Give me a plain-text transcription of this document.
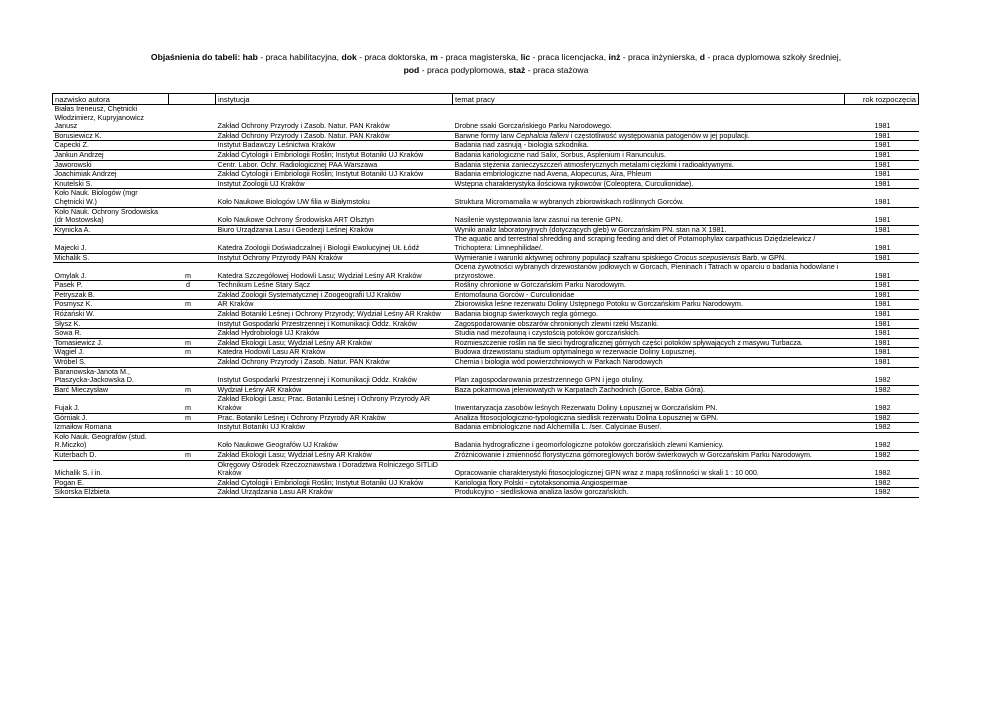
Objaśnienia do tabeli: hab - praca habilitacyjna, dok - praca doktorska, m - praca magisterska, lic - praca licencjacka, inż - praca inżynierska, d - praca dyplomowa szkoły średniej,
pod - praca podyplomowa, staż - praca stażowa
nazwisko autora		instytucja	temat pracy	rok rozpoczęcia
Białas Ireneusz, Chętnicki Włodzimierz, Kupryjanowicz Janusz		Zakład Ochrony Przyrody i Zasob. Natur. PAN Kraków	Drobne ssaki Gorczańskiego Parku Narodowego.	1981
Borusiewicz K.		Zakład Ochrony Przyrody i Zasob. Natur. PAN Kraków	Barwne formy larw Cephalcia falleni i częstotliwość występowania patogenów w jej populacji.	1981
Capecki Z.		Instytut Badawczy Leśnictwa Kraków	Badania nad zasnują - biologia szkodnika.	1981
Jankun Andrzej		Zakład Cytologii i Embriologii Roślin; Instytut Botaniki UJ Kraków	Badania kariologiczne nad Salix, Sorbus, Asplenium i Ranunculus.	1981
Jaworowski		Centr. Labor. Ochr. Radiologicznej PAA Warszawa	Badania stężenia zanieczyszczeń atmosferycznych metalami ciężkimi i radioaktywnymi.	1981
Joachimiak Andrzej		Zakład Cytologii i Embriologii Roślin; Instytut Botaniki UJ Kraków	Badania embriologiczne nad Avena, Alopecurus, Aira, Phleum	1981
Knutelski S.		Instytut Zoologii UJ Kraków	Wstępna charakterystyka ilościowa ryjkowców (Coleoptera, Curculionidae).	1981
Koło Nauk. Biologów (mgr Chętnicki W.)		Koło Naukowe Biologów UW filia w Białymstoku	Struktura Micromamalia w wybranych zbiorowiskach roślinnych Gorców.	1981
Koło Nauk. Ochrony Środowiska (dr Mostowska)		Koło Naukowe Ochrony Środowiska ART Olsztyn	Nasilenie występowania larw zasnui na terenie GPN.	1981
Krynicka A.		Biuro Urządzania Lasu i Geodezji Leśnej Kraków	Wyniki analiz laboratoryjnych (dotyczących gleb) w Gorczańskim PN. stan na X 1981.	1981
Majecki J.		Katedra Zoologii Doświadczalnej i Biologii Ewolucyjnej UŁ Łódź	The aquatic and terrestrial shredding and scraping feeding and diet of Potamophylax carpathicus Dziędzielewicz / Trichoptera: Limnephilidae/.	1981
Michalik S.		Instytut Ochrony Przyrody PAN Kraków	Wymieranie i warunki aktywnej ochrony populacji szafranu spiskiego Crocus scepusiensis Barb. w GPN.	1981
Omylak J.	m	Katedra Szczegółowej Hodowli Lasu; Wydział Leśny AR Kraków	Ocena żywotności wybranych drzewostanów jodłowych w Gorcach, Pieninach i Tatrach w oparciu o badania hodowlane i przyrostowe.	1981
Pasek P.	d	Technikum Leśne Stary Sącz	Rośliny chronione w Gorczańskim Parku Narodowym.	1981
Petryszak B.		Zakład Zoologii Systematycznej i Zoogeografii UJ Kraków	Entomofauna Gorców - Curculionidae	1981
Posmysz K.	m	AR Kraków	Zbiorowiska leśne rezerwatu Doliny Ustępnego Potoku w Gorczańskim Parku Narodowym.	1981
Różański W.		Zakład Botaniki Leśnej i Ochrony Przyrody; Wydział Leśny AR Kraków	Badania biogrup świerkowych regla górnego.	1981
Słysz K.		Instytut Gospodarki Przestrzennej i Komunikacji Oddz. Kraków	Zagospodarowanie obszarów chronionych zlewni rzeki Mszanki.	1981
Sowa R.		Zakład Hydrobiologii UJ Kraków	Studia nad mezofauną i czystością potoków gorczańskich.	1981
Tomasiewicz J.	m	Zakład Ekologii Lasu; Wydział Leśny AR Kraków	Rozmieszczenie roślin na tle sieci hydrograficznej górnych części potoków spływających z masywu Turbacza.	1981
Wągiel J.	m	Katedra Hodowli Lasu AR Kraków	Budowa drzewostanu stadium optymalnego w rezerwacie Doliny Łopusznej.	1981
Wróbel S.		Zakład Ochrony Przyrody i Zasob. Natur. PAN Kraków	Chemia i biologia wód powierzchniowych w Parkach Narodowych	1981
Baranowska-Janota M., Ptaszycka-Jackowska D.		Instytut Gospodarki Przestrzennej i Komunikacji Oddz. Kraków	Plan zagospodarowania przestrzennego GPN i jego otuliny.	1982
Barć Mieczysław	m	Wydział Leśny AR Kraków	Baza pokarmowa jeleniowatych w Karpatach Zachodnich (Gorce, Babia Góra).	1982
Fujak J.	m	Zakład Ekologii Lasu; Prac. Botaniki Leśnej i Ochrony Przyrody AR Kraków	Inwentaryzacja zasobów leśnych Rezerwatu Doliny Łopusznej w Gorczańskim PN.	1982
Górniak J.	m	Prac. Botaniki Leśnej i Ochrony Przyrody AR Kraków	Analiza fitosocjologiczno-typologiczna siedlisk rezerwatu Dolina Łopusznej w GPN.	1982
Izmaiłow Romana		Instytut Botaniki UJ Kraków	Badania embriologiczne nad Alchemilla L. /ser. Calycinae Buser/.	1982
Koło Nauk. Geografów (stud. R.Miczko)		Koło Naukowe Geografów UJ Kraków	Badania hydrograficzne i geomorfologiczne potoków gorczańskich zlewni Kamienicy.	1982
Kuterbach D.	m	Zakład Ekologii Lasu; Wydział Leśny AR Kraków	Zróżnicowanie i zmienność florystyczna górnoreglowych borów świerkowych w Gorczańskim Parku Narodowym.	1982
Michalik S. i in.		Okręgowy Ośrodek Rzeczoznawstwa i Doradztwa Rolniczego SITLiD Kraków	Opracowanie charakterystyki fitosocjologicznej GPN wraz z mapą roślinności w skali 1 : 10 000.	1982
Pogan E.		Zakład Cytologii i Embriologii Roślin; Instytut Botaniki UJ Kraków	Kariologia flory Polski - cytotaksonomia Angiospermae	1982
Sikorska Elżbieta		Zakład Urządzania Lasu AR Kraków	Produkcyjno - siedliskowa analiza lasów gorczańskich.	1982
